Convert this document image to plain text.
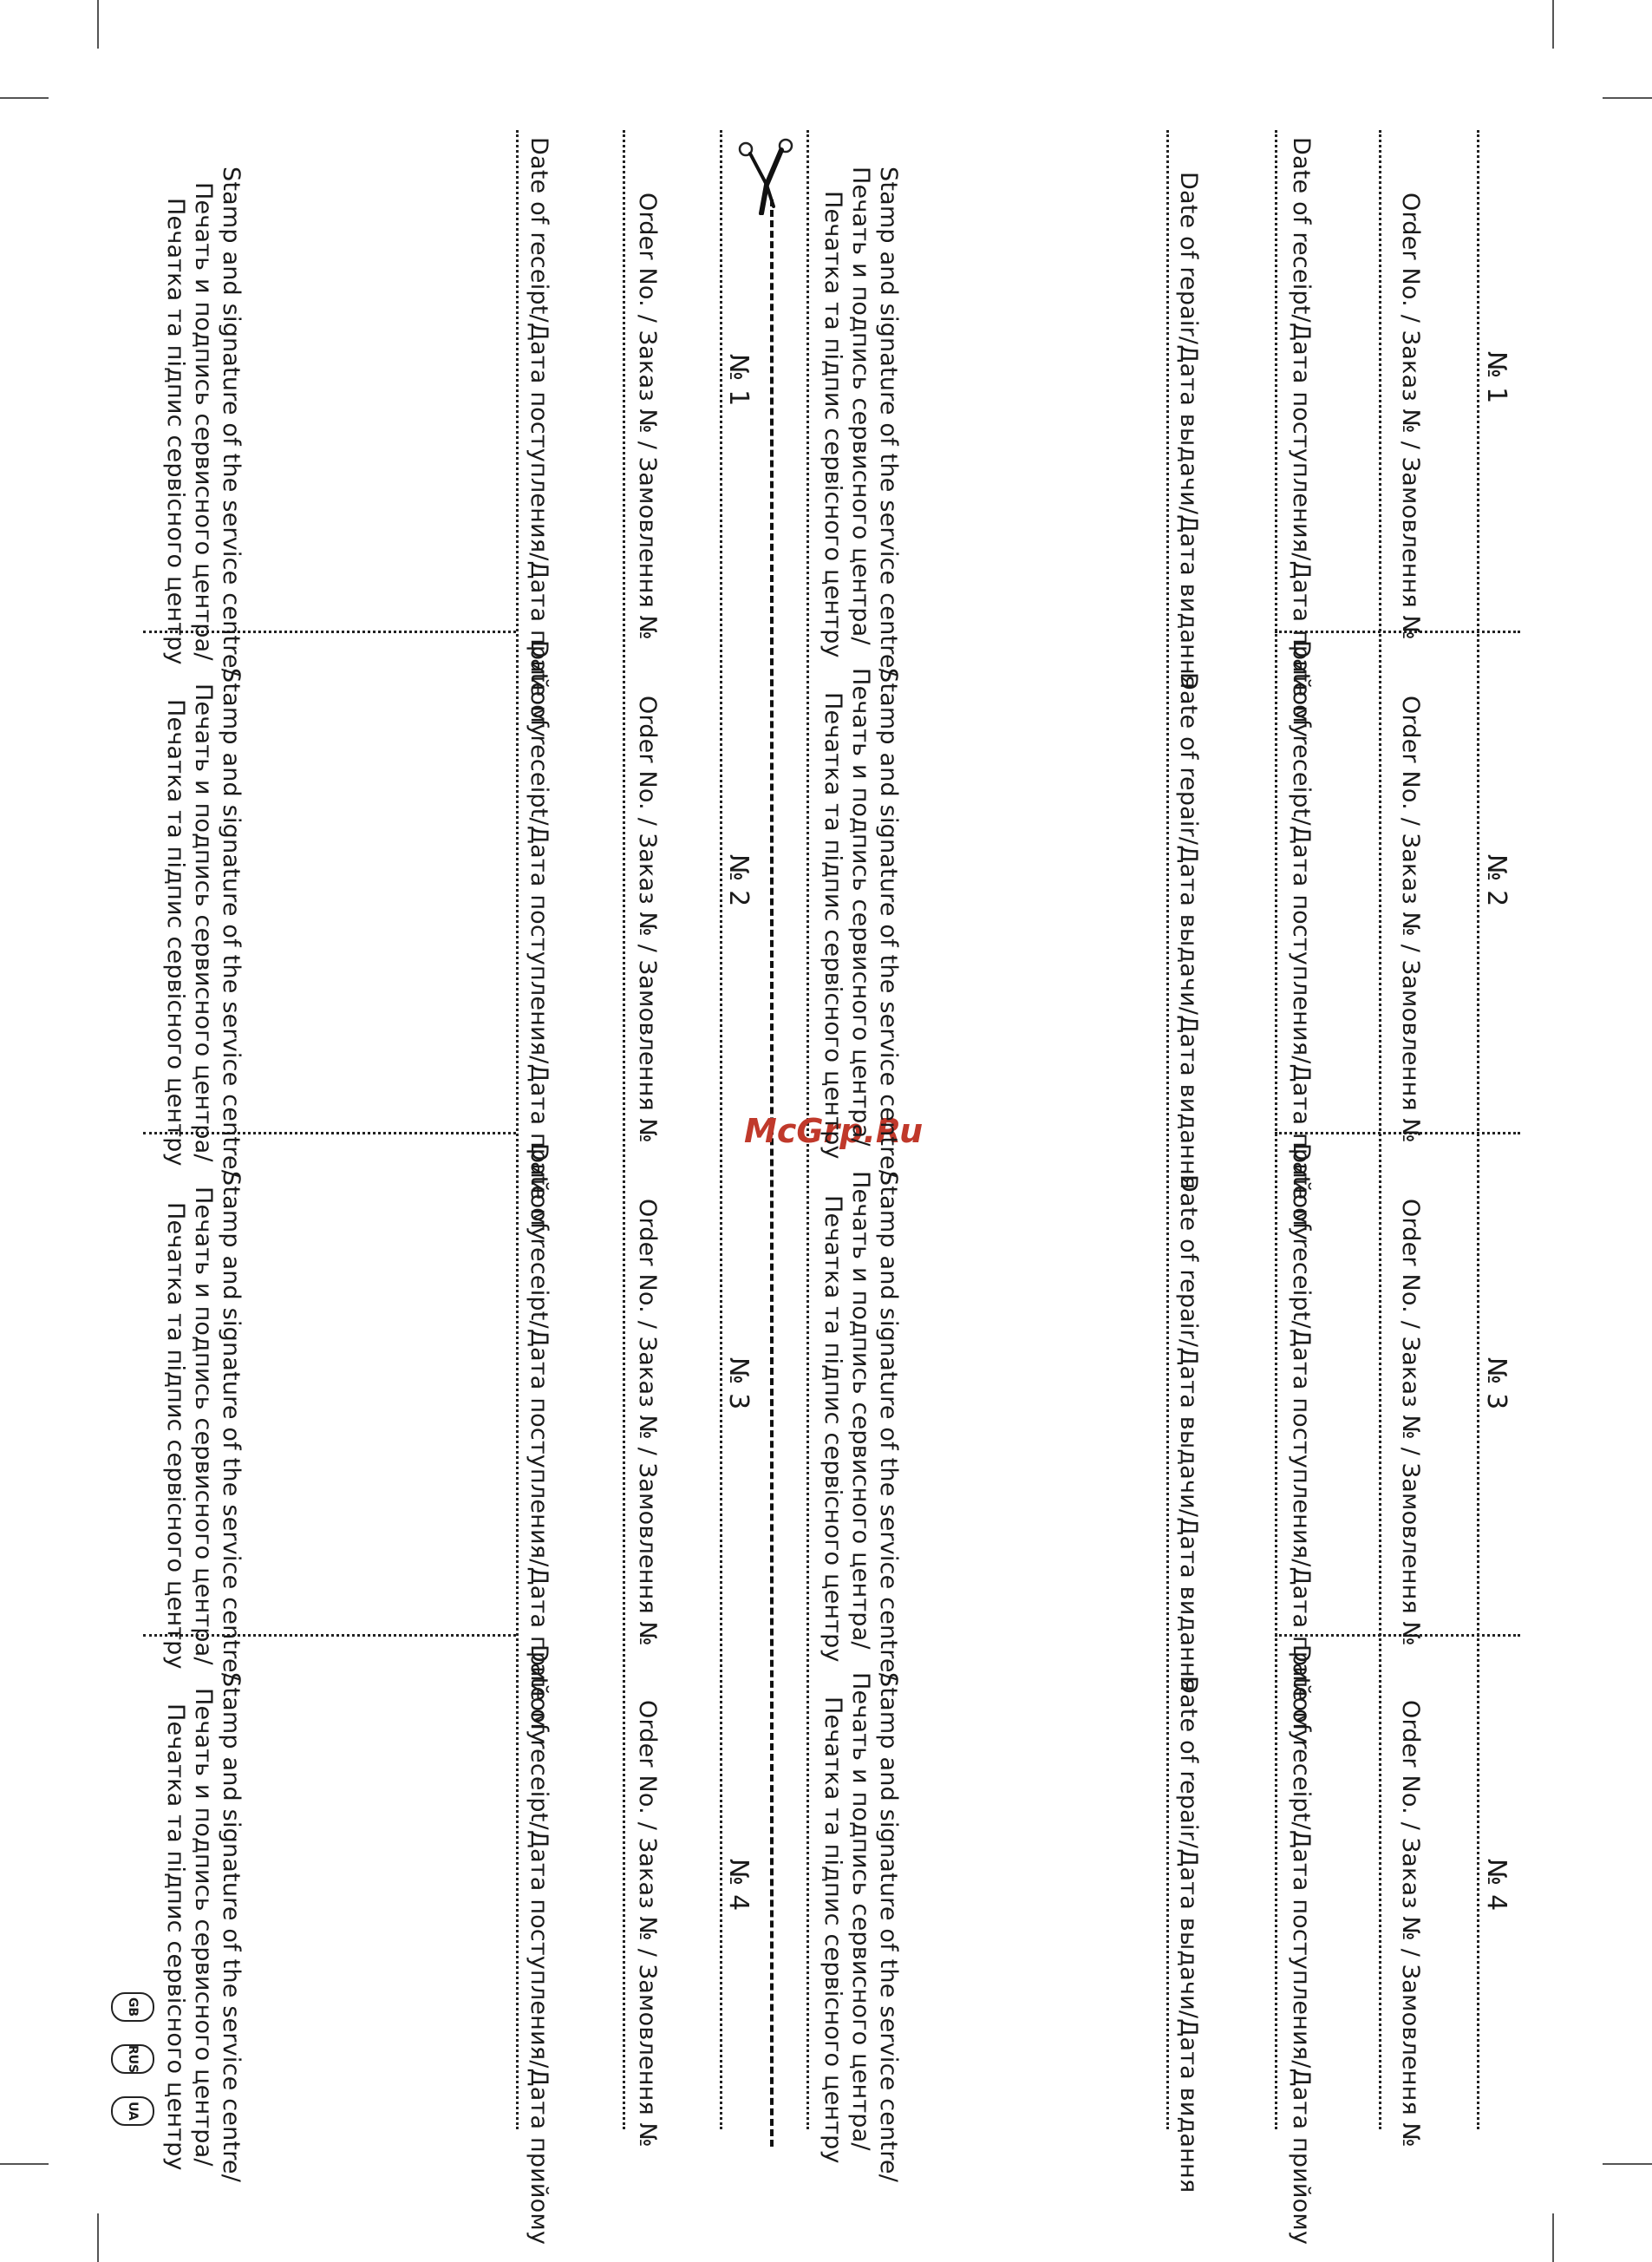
McGrp.Ru
№ 1
Order No. / Заказ № / Замовлення №
Date of receipt/Дата поступления/Дата прийому
Date of repair/Дата выдачи/Дата видання
Stamp and signature of the service centre/
Печать и подпись сервисного центра/
Печатка та підпис сервісного центру
№ 1
Order No. / Заказ № / Замовлення №
Date of receipt/Дата поступления/Дата прийому
Stamp and signature of the service centre/
Печать и подпись сервисного центра/
Печатка та підпис сервісного центру
№ 2
Order No. / Заказ № / Замовлення №
Date of receipt/Дата поступления/Дата прийому
Date of repair/Дата выдачи/Дата видання
Stamp and signature of the service centre/
Печать и подпись сервисного центра/
Печатка та підпис сервісного центру
№ 2
Order No. / Заказ № / Замовлення №
Date of receipt/Дата поступления/Дата прийому
Stamp and signature of the service centre/
Печать и подпись сервисного центра/
Печатка та підпис сервісного центру
№ 3
Order No. / Заказ № / Замовлення №
Date of receipt/Дата поступления/Дата прийому
Date of repair/Дата выдачи/Дата видання
Stamp and signature of the service centre/
Печать и подпись сервисного центра/
Печатка та підпис сервісного центру
№ 3
Order No. / Заказ № / Замовлення №
Date of receipt/Дата поступления/Дата прийому
Stamp and signature of the service centre/
Печать и подпись сервисного центра/
Печатка та підпис сервісного центру
№ 4
Order No. / Заказ № / Замовлення №
Date of receipt/Дата поступления/Дата прийому
Date of repair/Дата выдачи/Дата видання
Stamp and signature of the service centre/
Печать и подпись сервисного центра/
Печатка та підпис сервісного центру
№ 4
Order No. / Заказ № / Замовлення №
Date of receipt/Дата поступления/Дата прийому
Stamp and signature of the service centre/
Печать и подпись сервисного центра/
Печатка та підпис сервісного центру
GB
RUS
UA
